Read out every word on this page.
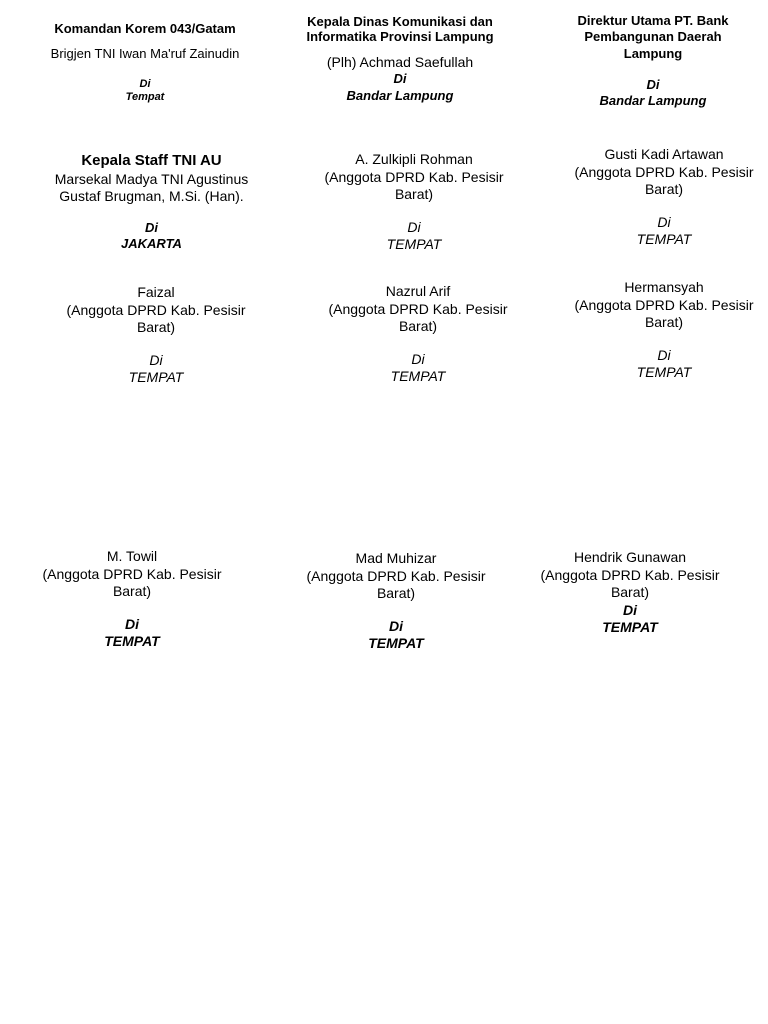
Komandan Korem 043/Gatam

Brigjen TNI Iwan Ma'ruf Zainudin

Di

Tempat

Kepala Dinas Komunikasi dan

Informatika Provinsi Lampung

(Plh) Achmad Saefullah

Di

Bandar Lampung

Direktur Utama PT. Bank

Pembangunan Daerah

Lampung

Di

Bandar Lampung

Kepala Staff TNI AU

Marsekal Madya TNI Agustinus

Gustaf Brugman, M.Si. (Han).

Di

JAKARTA

A. Zulkipli Rohman

(Anggota DPRD Kab. Pesisir

Barat)

Di

TEMPAT

Gusti Kadi Artawan

(Anggota DPRD Kab. Pesisir

Barat)

Di

TEMPAT

Faizal

(Anggota DPRD Kab. Pesisir

Barat)

Di

TEMPAT

Nazrul Arif

(Anggota DPRD Kab. Pesisir

Barat)

Di

TEMPAT

Hermansyah

(Anggota DPRD Kab. Pesisir

Barat)

Di

TEMPAT

M. Towil

(Anggota DPRD Kab. Pesisir

Barat)

Di

TEMPAT

Mad Muhizar

(Anggota DPRD Kab. Pesisir

Barat)

Di

TEMPAT

Hendrik Gunawan

(Anggota DPRD Kab. Pesisir

Barat)

Di

TEMPAT
